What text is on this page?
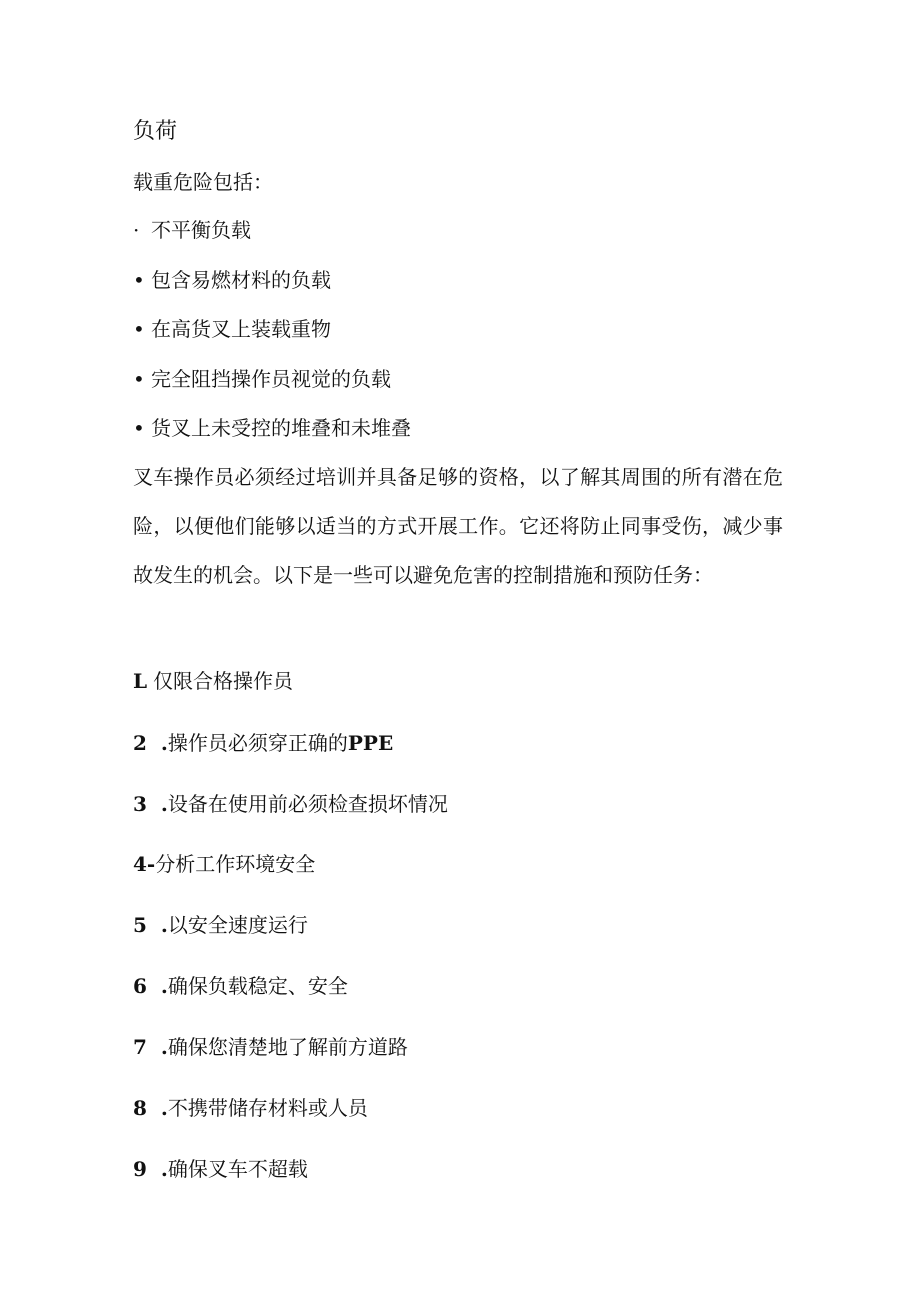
负荷
载重危险包括：
· 不平衡负载
• 包含易燃材料的负载
• 在高货叉上装载重物
• 完全阻挡操作员视觉的负载
• 货叉上未受控的堆叠和未堆叠
叉车操作员必须经过培训并具备足够的资格，以了解其周围的所有潜在危险，以便他们能够以适当的方式开展工作。它还将防止同事受伤，减少事故发生的机会。以下是一些可以避免危害的控制措施和预防任务：
L 仅限合格操作员
2 .操作员必须穿正确的PPE
3 .设备在使用前必须检查损坏情况
4-分析工作环境安全
5 .以安全速度运行
6 .确保负载稳定、安全
7 .确保您清楚地了解前方道路
8 .不携带储存材料或人员
9 .确保叉车不超载
